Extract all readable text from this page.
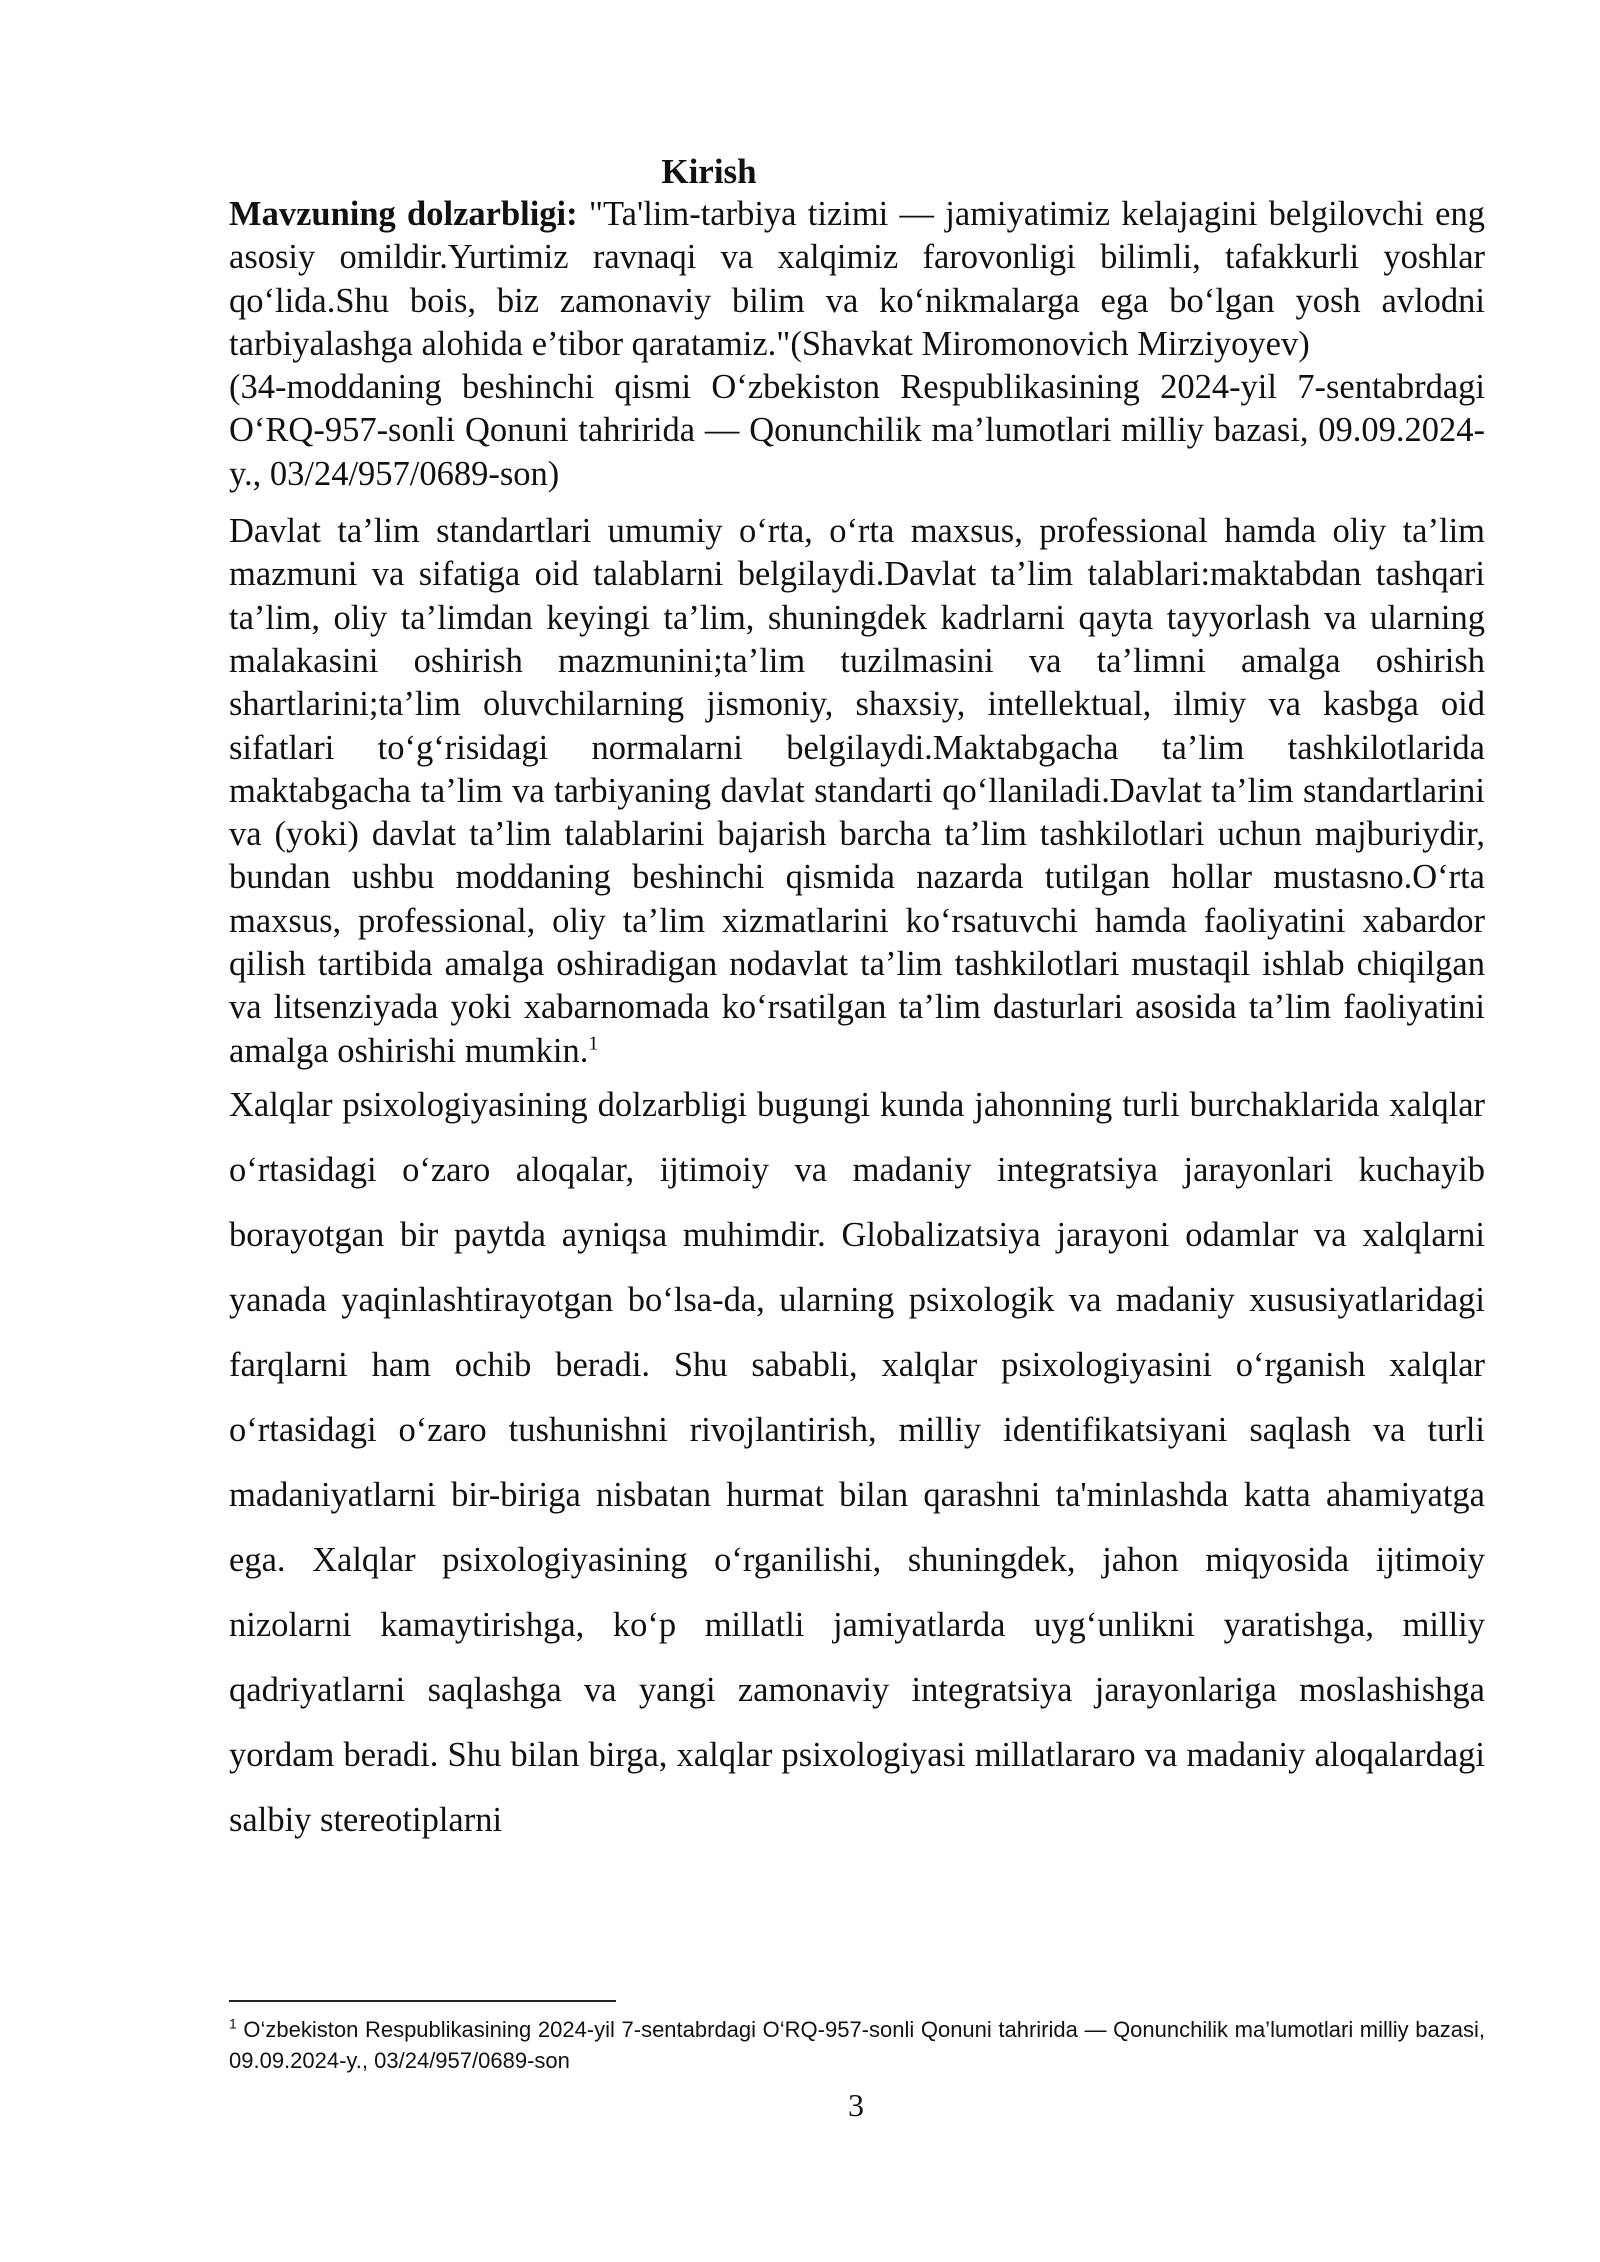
Kirish

Mavzuning dolzarbligi: "Ta'lim-tarbiya tizimi — jamiyatimiz kelajagini belgilovchi eng asosiy omildir.Yurtimiz ravnaqi va xalqimiz farovonligi bilimli, tafakkurli yoshlar qo‘lida.Shu bois, biz zamonaviy bilim va ko‘nikmalarga ega bo‘lgan yosh avlodni tarbiyalashga alohida e’tibor qaratamiz."(Shavkat Miromonovich Mirziyoyev)

(34-moddaning beshinchi qismi O‘zbekiston Respublikasining 2024-yil 7-sentabrdagi O‘RQ-957-sonli Qonuni tahririda — Qonunchilik ma’lumotlari milliy bazasi, 09.09.2024-y., 03/24/957/0689-son)

Davlat ta’lim standartlari umumiy o‘rta, o‘rta maxsus, professional hamda oliy ta’lim mazmuni va sifatiga oid talablarni belgilaydi.Davlat ta’lim talablari:maktabdan tashqari ta’lim, oliy ta’limdan keyingi ta’lim, shuningdek kadrlarni qayta tayyorlash va ularning malakasini oshirish mazmunini;ta’lim tuzilmasini va ta’limni amalga oshirish shartlarini;ta’lim oluvchilarning jismoniy, shaxsiy, intellektual, ilmiy va kasbga oid sifatlari to‘g‘risidagi normalarni belgilaydi.Maktabgacha ta’lim tashkilotlarida maktabgacha ta’lim va tarbiyaning davlat standarti qo‘llaniladi.Davlat ta’lim standartlarini va (yoki) davlat ta’lim talablarini bajarish barcha ta’lim tashkilotlari uchun majburiydir, bundan ushbu moddaning beshinchi qismida nazarda tutilgan hollar mustasno.O‘rta maxsus, professional, oliy ta’lim xizmatlarini ko‘rsatuvchi hamda faoliyatini xabardor qilish tartibida amalga oshiradigan nodavlat ta’lim tashkilotlari mustaqil ishlab chiqilgan va litsenziyada yoki xabarnomada ko‘rsatilgan ta’lim dasturlari asosida ta’lim faoliyatini amalga oshirishi mumkin.$^1$

Xalqlar psixologiyasining dolzarbligi bugungi kunda jahonning turli burchaklarida xalqlar o‘rtasidagi o‘zaro aloqalar, ijtimoiy va madaniy integratsiya jarayonlari kuchayib borayotgan bir paytda ayniqsa muhimdir. Globalizatsiya jarayoni odamlar va xalqlarni yanada yaqinlashtirayotgan bo‘lsa-da, ularning psixologik va madaniy xususiyatlaridagi farqlarni ham ochib beradi. Shu sababli, xalqlar psixologiyasini o‘rganish xalqlar o‘rtasidagi o‘zaro tushunishni rivojlantirish, milliy identifikatsiyani saqlash va turli madaniyatlarni bir-biriga nisbatan hurmat bilan qarashni ta'minlashda katta ahamiyatga ega. Xalqlar psixologiyasining o‘rganilishi, shuningdek, jahon miqyosida ijtimoiy nizolarni kamaytirishga, ko‘p millatli jamiyatlarda uyg‘unlikni yaratishga, milliy qadriyatlarni saqlashga va yangi zamonaviy integratsiya jarayonlariga moslashishga yordam beradi. Shu bilan birga, xalqlar psixologiyasi millatlararo va madaniy aloqalardagi salbiy stereotiplarni

$^1$ O‘zbekiston Respublikasining 2024-yil 7-sentabrdagi O‘RQ-957-sonli Qonuni tahririda — Qonunchilik ma’lumotlari milliy bazasi, 09.09.2024-y., 03/24/957/0689-son
3
